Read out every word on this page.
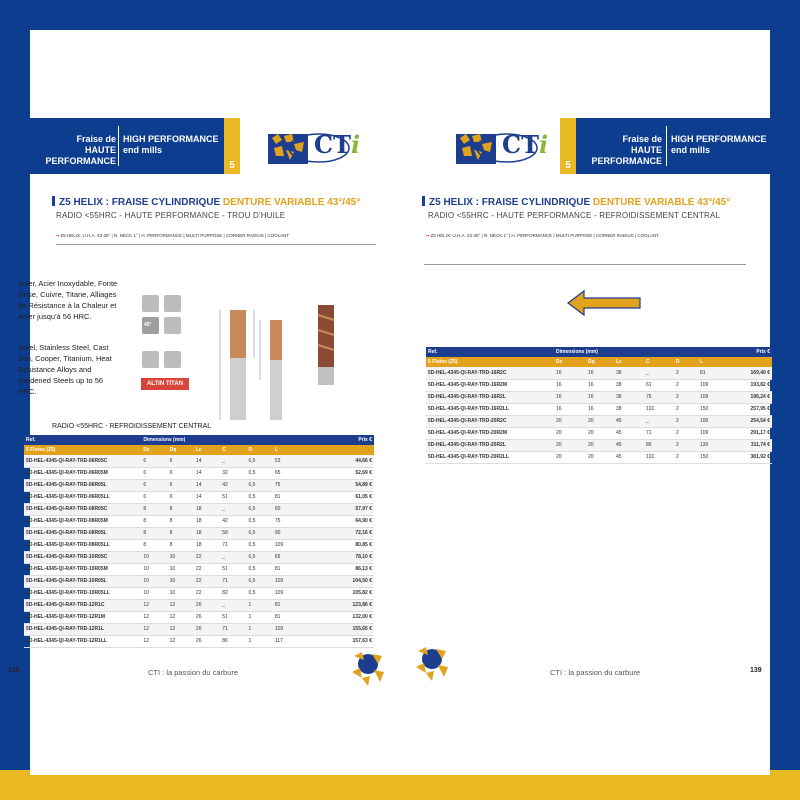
Fraise de
HAUTE PERFORMANCE
HIGH PERFORMANCE
end mills
5
CTi
Z5 HELIX : FRAISE CYLINDRIQUE DENTURE VARIABLE 43°/45°
RADIO <55HRC - HAUTE PERFORMANCE - TROU D'HUILE
▪▪ Z5 HELIX: U.H.A. 43-35° | R. NECK 1° | H. PERFORMANCE | MULTI PURPOSE | CORNER RADIUS | COOLANT
Acier, Acier Inoxydable, Fonte Grise, Cuivre, Titane, Alliages de Résistance à la Chaleur et Acier jusqu'à 56 HRC.
Steel, Stainless Steel, Cast Iron, Cooper, Titanium, Heat Resistance Alloys and Hardened Steels up to 56 HRC.
45°
ALTIN TITAN
RADIO <55HRC - REFROIDISSEMENT CENTRAL
Ref.	Dimensions (mm)						Prix €
5 Flutes (Z5)	Dc	Dq	Lc	C	R	L	
5D-HEL-4345-QI-RAY-TRD-06R05C	6	6	14	_	0,5	53	44,66 €
5D-HEL-4345-QI-RAY-TRD-06R05M	6	6	14	32	0,5	65	52,69 €
5D-HEL-4345-QI-RAY-TRD-06R05L	6	6	14	42	0,5	75	54,89 €
5D-HEL-4345-QI-RAY-TRD-06R05LL	6	6	14	51	0,5	81	61,05 €
5D-HEL-4345-QI-RAY-TRD-08R05C	8	8	18	_	0,5	60	57,97 €
5D-HEL-4345-QI-RAY-TRD-08R05M	8	8	18	42	0,5	75	64,90 €
5D-HEL-4345-QI-RAY-TRD-08R05L	8	8	18	58	0,5	90	72,16 €
5D-HEL-4345-QI-RAY-TRD-08R05LL	8	8	18	71	0,5	109	80,85 €
5D-HEL-4345-QI-RAY-TRD-10R05C	10	10	22	_	0,5	65	78,10 €
5D-HEL-4345-QI-RAY-TRD-10R05M	10	10	22	51	0,5	81	86,13 €
5D-HEL-4345-QI-RAY-TRD-10R05L	10	10	22	71	0,5	109	104,50 €
5D-HEL-4345-QI-RAY-TRD-10R05LL	10	10	22	82	0,5	109	105,82 €
5D-HEL-4345-QI-RAY-TRD-12R1C	12	12	26	_	1	81	123,86 €
5D-HEL-4345-QI-RAY-TRD-12R1M	12	12	26	51	1	81	132,00 €
5D-HEL-4345-QI-RAY-TRD-12R1L	12	12	26	71	1	109	155,65 €
5D-HEL-4345-QI-RAY-TRD-12R1LL	12	12	26	86	1	117	157,63 €
138	CTI : la passion du carbure
CTi
5
Fraise de
HAUTE PERFORMANCE
HIGH PERFORMANCE
end mills
Z5 HELIX : FRAISE CYLINDRIQUE DENTURE VARIABLE 43°/45°
RADIO <55HRC - HAUTE PERFORMANCE - REFROIDISSEMENT CENTRAL
▪▪ Z5 HELIX: U.H.A. 43-35° | R. NECK 1° | H. PERFORMANCE | MULTI PURPOSE | CORNER RADIUS | COOLANT
Ref.	Dimensions (mm)						Prix €
5 Flutes (Z5)	Dc	Dq	Lc	C	R	L	
5D-HEL-4345-QI-RAY-TRD-16R2C	16	16	38	_	2	81	169,40 €
5D-HEL-4345-QI-RAY-TRD-16R2M	16	16	38	61	2	109	193,82 €
5D-HEL-4345-QI-RAY-TRD-16R2L	16	16	38	76	2	109	196,24 €
5D-HEL-4345-QI-RAY-TRD-16R2LL	16	16	38	101	2	150	257,95 €
5D-HEL-4345-QI-RAY-TRD-20R2C	20	20	45	_	2	100	254,54 €
5D-HEL-4345-QI-RAY-TRD-20R2M	20	20	45	71	2	109	291,17 €
5D-HEL-4345-QI-RAY-TRD-20R2L	20	20	45	86	2	130	311,74 €
5D-HEL-4345-QI-RAY-TRD-20R2LL	20	20	45	101	2	150	381,92 €
CTI : la passion du carbure	139
